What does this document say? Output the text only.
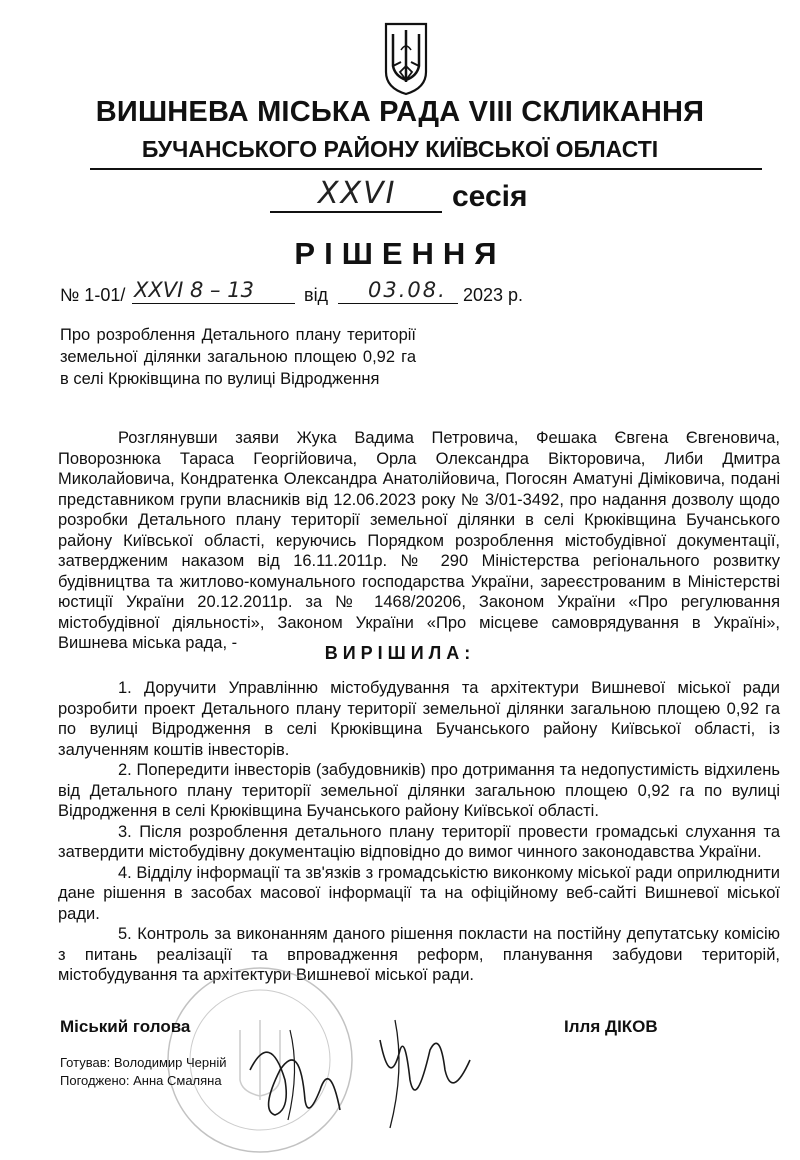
ВИШНЕВА МІСЬКА РАДА VIII СКЛИКАННЯ
БУЧАНСЬКОГО РАЙОНУ КИЇВСЬКОЇ ОБЛАСТІ
XXVI сесія
РІШЕННЯ
№ 1-01/ XXVI 8 – 13	від 03.08. 2023 р.
Про розроблення Детального плану території земельної ділянки загальною площею 0,92 га в селі Крюківщина по вулиці Відродження

Розглянувши заяви Жука Вадима Петровича, Фешака Євгена Євгеновича, Поворознюка Тараса Георгійовича, Орла Олександра Вікторовича, Либи Дмитра Миколайовича, Кондратенка Олександра Анатолійовича, Погосян Аматуні Діміковича, подані представником групи власників від 12.06.2023 року № 3/01-3492, про надання дозволу щодо розробки Детального плану території земельної ділянки в селі Крюківщина Бучанського району Київської області, керуючись Порядком розроблення містобудівної документації, затвердженим наказом від 16.11.2011р. № 290 Міністерства регіонального розвитку будівництва та житлово-комунального господарства України, зареєстрованим в Міністерстві юстиції України 20.12.2011р. за № 1468/20206, Законом України «Про регулювання містобудівної діяльності», Законом України «Про місцеве самоврядування в Україні», Вишнева міська рада, -	ВИРІШИЛА:

1. Доручити Управлінню містобудування та архітектури Вишневої міської ради розробити проект Детального плану території земельної ділянки загальною площею 0,92 га по вулиці Відродження в селі Крюківщина Бучанського району Київської області, із залученням коштів інвесторів.

2. Попередити інвесторів (забудовників) про дотримання та недопустимість відхилень від Детального плану території земельної ділянки загальною площею 0,92 га по вулиці Відродження в селі Крюківщина Бучанського району Київської області.

3. Після розроблення детального плану території провести громадські слухання та затвердити містобудівну документацію відповідно до вимог чинного законодавства України.

4. Відділу інформації та зв'язків з громадськістю виконкому міської ради оприлюднити дане рішення в засобах масової інформації та на офіційному веб-сайті Вишневої міської ради.

5. Контроль за виконанням даного рішення покласти на постійну депутатську комісію з питань реалізації та впровадження реформ, планування забудови територій, містобудування та архітектури Вишневої міської ради.

Міський голова	Ілля ДІКОВ
Готував: Володимир Черній
Погоджено: Анна Смаляна
